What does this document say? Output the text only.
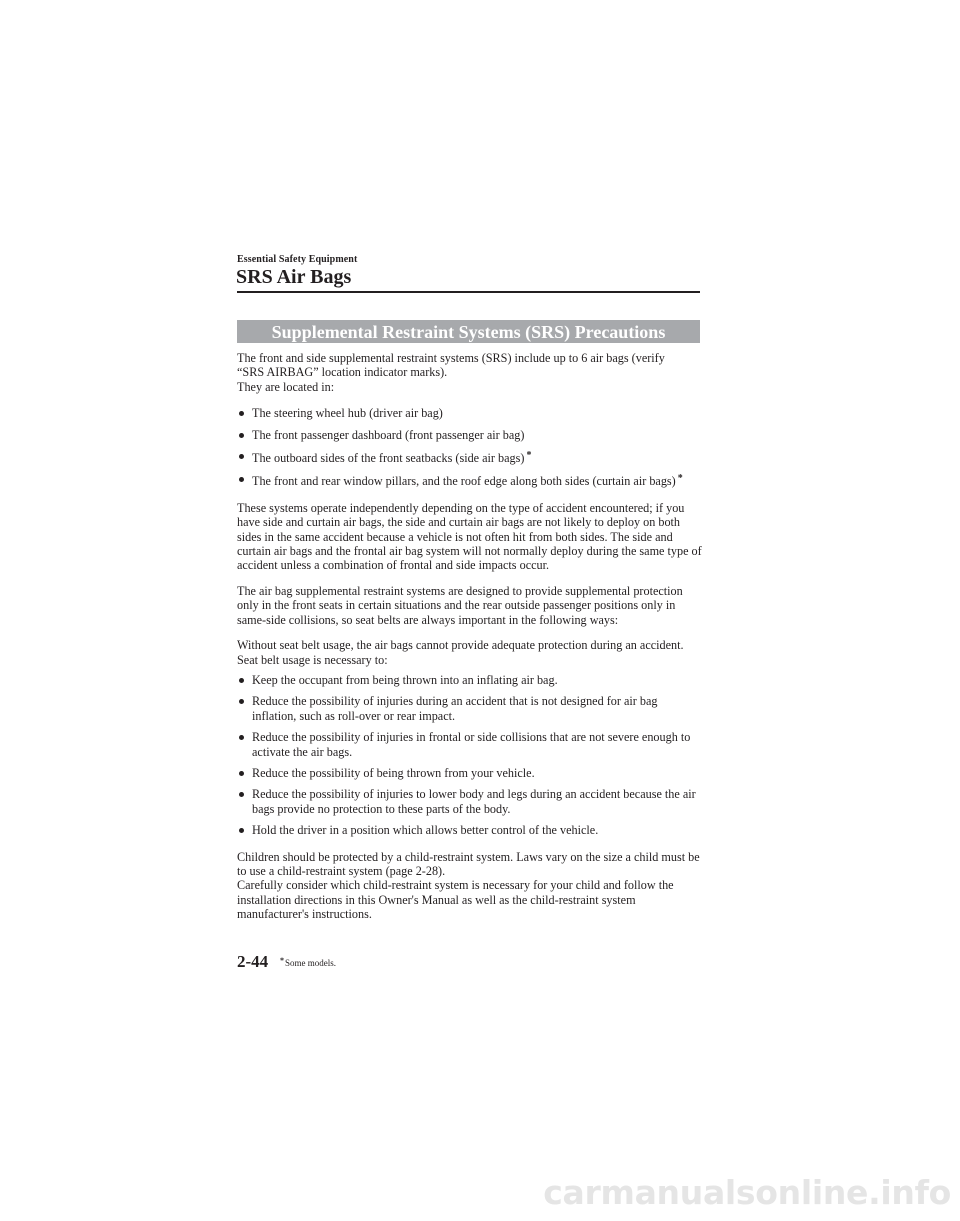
Essential Safety Equipment
SRS Air Bags
Supplemental Restraint Systems (SRS) Precautions

The front and side supplemental restraint systems (SRS) include up to 6 air bags (verify
“SRS AIRBAG” location indicator marks).
They are located in:

The steering wheel hub (driver air bag)
The front passenger dashboard (front passenger air bag)
The outboard sides of the front seatbacks (side air bags) *
The front and rear window pillars, and the roof edge along both sides (curtain air bags) *

These systems operate independently depending on the type of accident encountered; if you have side and curtain air bags, the side and curtain air bags are not likely to deploy on both sides in the same accident because a vehicle is not often hit from both sides. The side and curtain air bags and the frontal air bag system will not normally deploy during the same type of accident unless a combination of frontal and side impacts occur.

The air bag supplemental restraint systems are designed to provide supplemental protection only in the front seats in certain situations and the rear outside passenger positions only in same-side collisions, so seat belts are always important in the following ways:

Without seat belt usage, the air bags cannot provide adequate protection during an accident.
Seat belt usage is necessary to:

Keep the occupant from being thrown into an inflating air bag.
Reduce the possibility of injuries during an accident that is not designed for air bag inflation, such as roll-over or rear impact.
Reduce the possibility of injuries in frontal or side collisions that are not severe enough to activate the air bags.
Reduce the possibility of being thrown from your vehicle.
Reduce the possibility of injuries to lower body and legs during an accident because the air bags provide no protection to these parts of the body.
Hold the driver in a position which allows better control of the vehicle.

Children should be protected by a child-restraint system. Laws vary on the size a child must be to use a child-restraint system (page 2-28).
Carefully consider which child-restraint system is necessary for your child and follow the installation directions in this Owner's Manual as well as the child-restraint system manufacturer's instructions.

2-44 *Some models.
carmanualsonline.info
